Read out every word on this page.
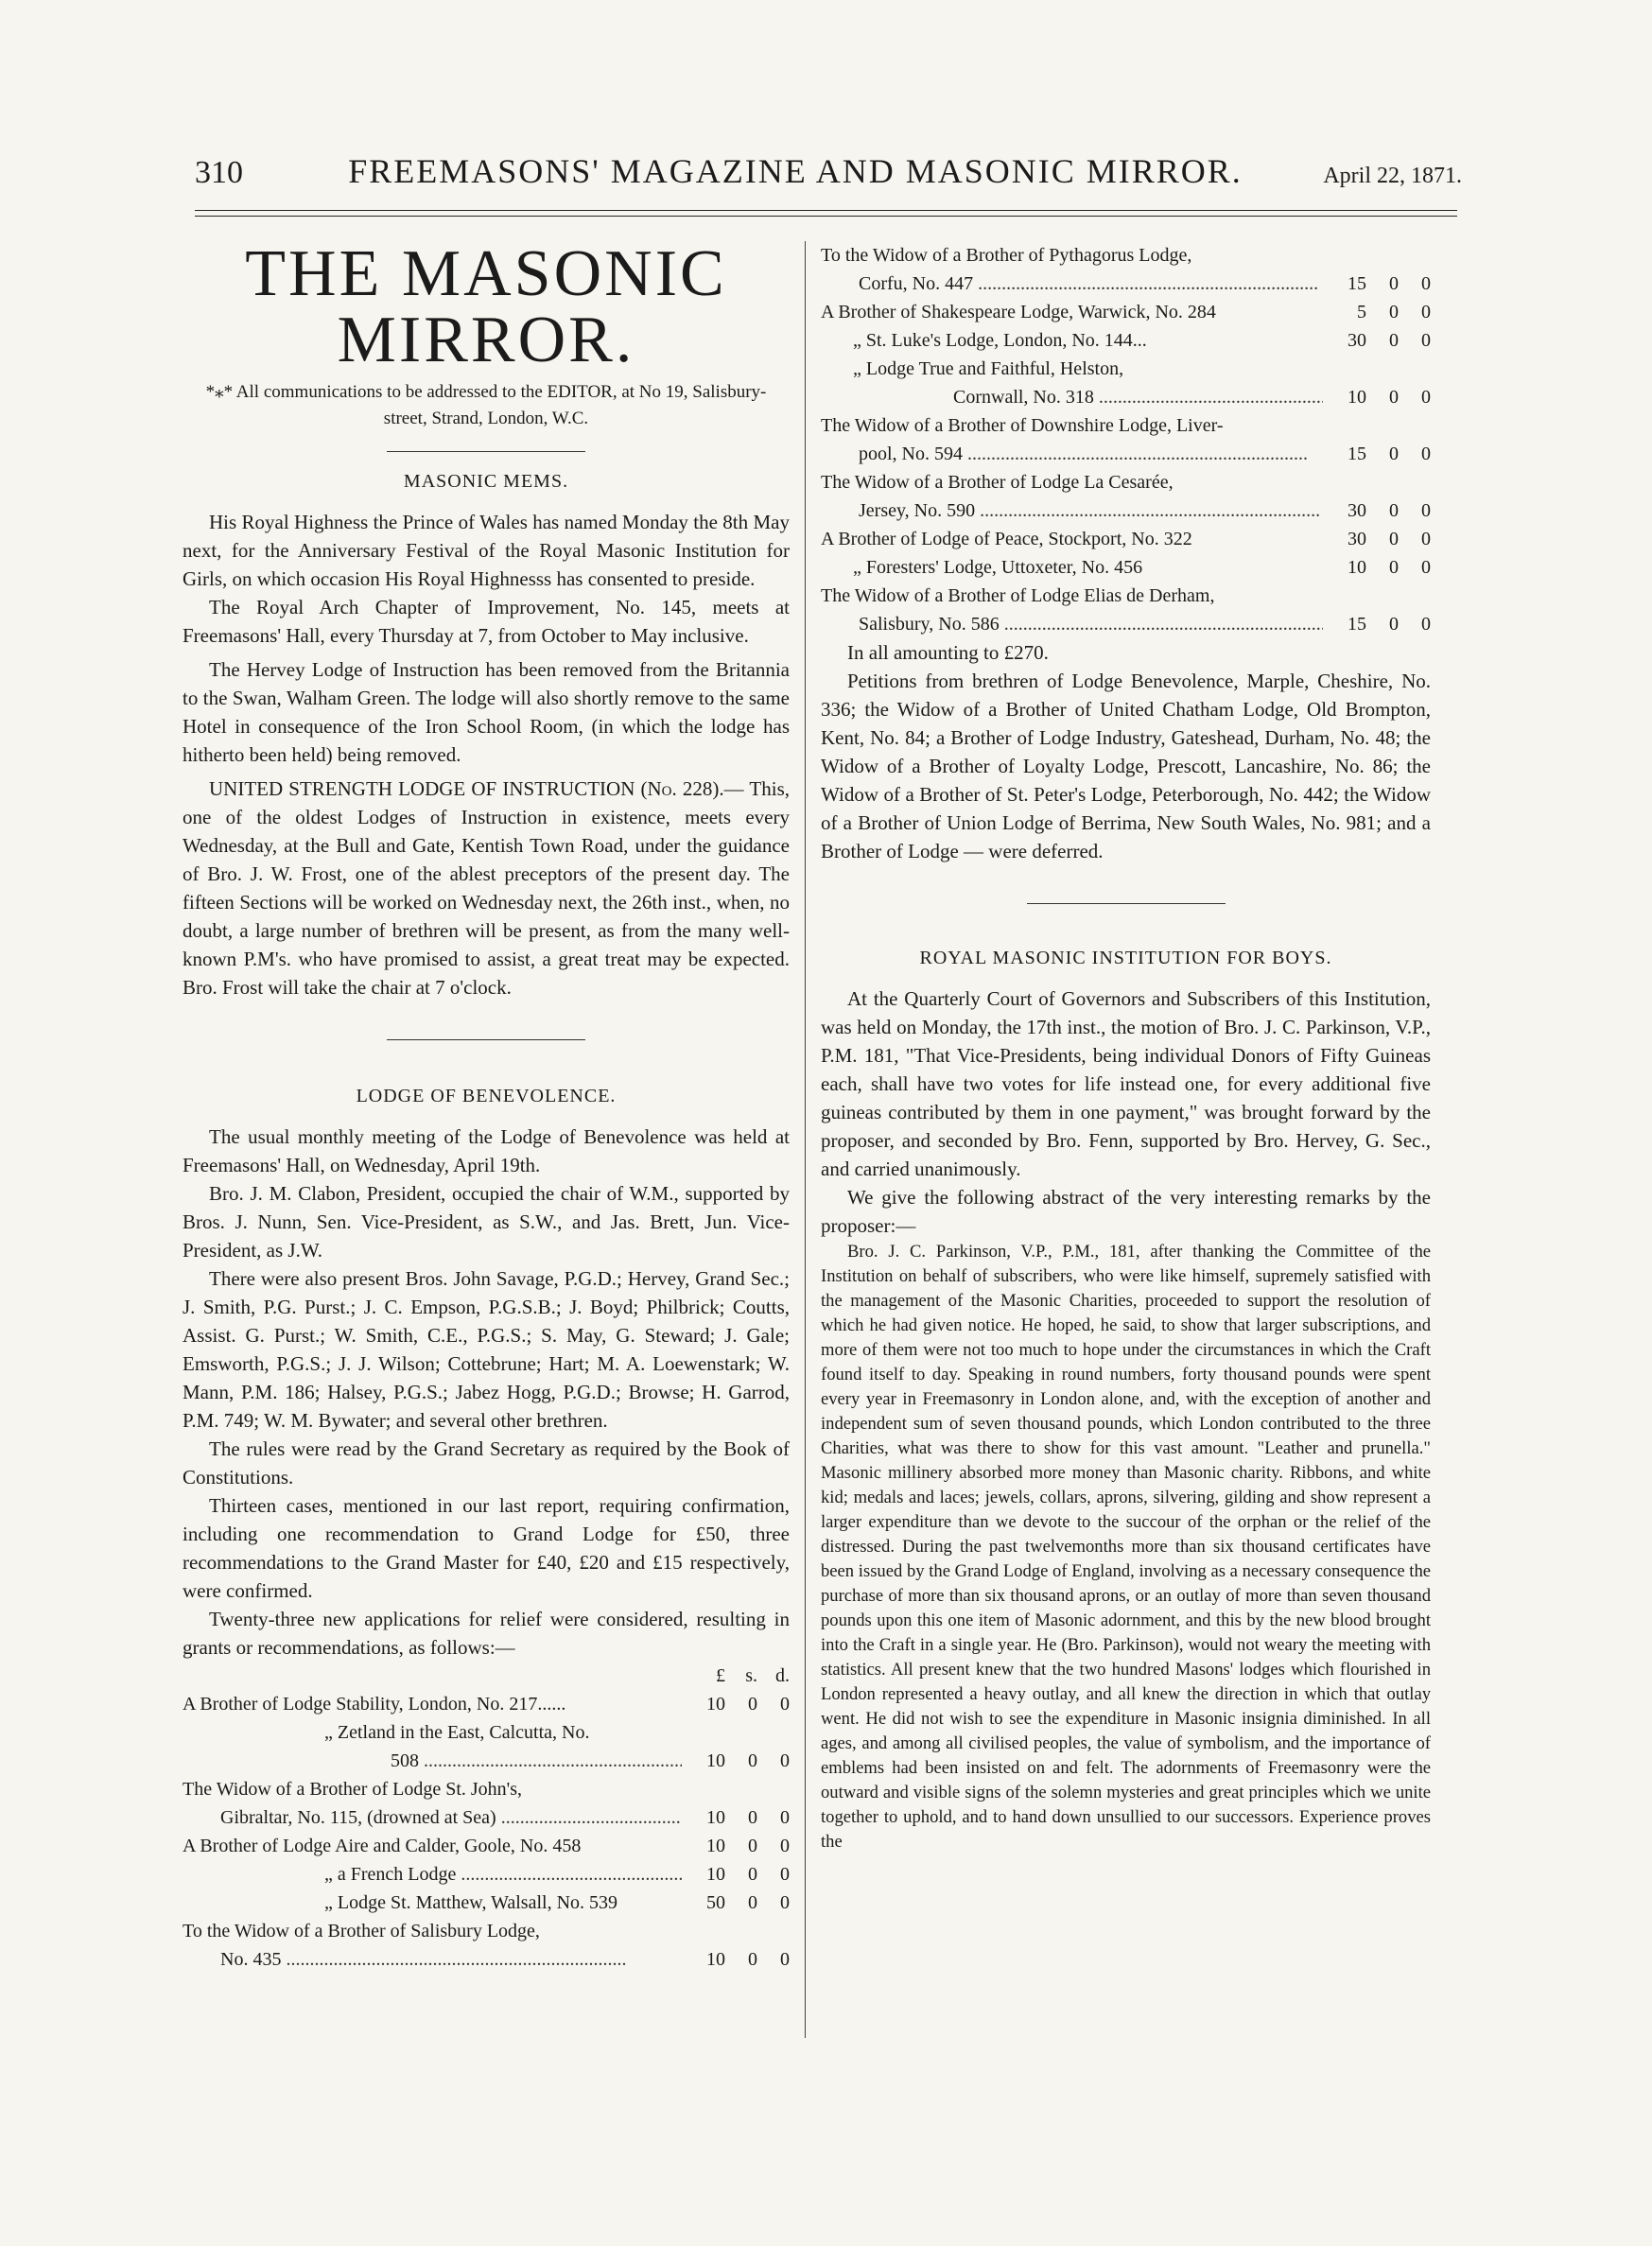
310	FREEMASONS' MAGAZINE AND MASONIC MIRROR.	April 22, 1871.
THE MASONIC MIRROR.

*⁎* All communications to be addressed to the EDITOR, at No 19, Salisbury-street, Strand, London, W.C.

MASONIC MEMS.

His Royal Highness the Prince of Wales has named Monday the 8th May next, for the Anniversary Festival of the Royal Masonic Institution for Girls, on which occasion His Royal Highnesss has consented to preside.

The Royal Arch Chapter of Improvement, No. 145, meets at Freemasons' Hall, every Thursday at 7, from October to May inclusive.

The Hervey Lodge of Instruction has been removed from the Britannia to the Swan, Walham Green. The lodge will also shortly remove to the same Hotel in consequence of the Iron School Room, (in which the lodge has hitherto been held) being removed.

UNITED STRENGTH LODGE OF INSTRUCTION (No. 228).— This, one of the oldest Lodges of Instruction in existence, meets every Wednesday, at the Bull and Gate, Kentish Town Road, under the guidance of Bro. J. W. Frost, one of the ablest preceptors of the present day. The fifteen Sections will be worked on Wednesday next, the 26th inst., when, no doubt, a large number of brethren will be present, as from the many well-known P.M's. who have promised to assist, a great treat may be expected. Bro. Frost will take the chair at 7 o'clock.

LODGE OF BENEVOLENCE.

The usual monthly meeting of the Lodge of Benevolence was held at Freemasons' Hall, on Wednesday, April 19th.

Bro. J. M. Clabon, President, occupied the chair of W.M., supported by Bros. J. Nunn, Sen. Vice-President, as S.W., and Jas. Brett, Jun. Vice-President, as J.W.

There were also present Bros. John Savage, P.G.D.; Hervey, Grand Sec.; J. Smith, P.G. Purst.; J. C. Empson, P.G.S.B.; J. Boyd; Philbrick; Coutts, Assist. G. Purst.; W. Smith, C.E., P.G.S.; S. May, G. Steward; J. Gale; Emsworth, P.G.S.; J. J. Wilson; Cottebrune; Hart; M. A. Loewenstark; W. Mann, P.M. 186; Halsey, P.G.S.; Jabez Hogg, P.G.D.; Browse; H. Garrod, P.M. 749; W. M. Bywater; and several other brethren.

The rules were read by the Grand Secretary as required by the Book of Constitutions.

Thirteen cases, mentioned in our last report, requiring confirmation, including one recommendation to Grand Lodge for £50, three recommendations to the Grand Master for £40, £20 and £15 respectively, were confirmed.

Twenty-three new applications for relief were considered, resulting in grants or recommendations, as follows:—

£	s. d.
A Brother of Lodge Stability, London, No. 217......	10	0	0
„ Zetland in the East, Calcutta, No.
508 .....	10	0	0
The Widow of a Brother of Lodge St. John's,
Gibraltar, No. 115, (drowned at Sea) .....	10	0	0
A Brother of Lodge Aire and Calder, Goole, No. 458	10	0	0
„ a French Lodge .....	10	0	0
„ Lodge St. Matthew, Walsall, No. 539	50	0	0
To the Widow of a Brother of Salisbury Lodge,
No. 435 .....	10	0	0
To the Widow of a Brother of Pythagorus Lodge,
Corfu, No. 447 .....	15	0	0
A Brother of Shakespeare Lodge, Warwick, No. 284	5	0	0
„ St. Luke's Lodge, London, No. 144...	30	0	0
„ Lodge True and Faithful, Helston,
Cornwall, No. 318 .....	10	0	0
The Widow of a Brother of Downshire Lodge, Liver-
pool, No. 594 .....	15	0	0
The Widow of a Brother of Lodge La Cesarée,
Jersey, No. 590 .....	30	0	0
A Brother of Lodge of Peace, Stockport, No. 322	30	0	0
„ Foresters' Lodge, Uttoxeter, No. 456	10	0	0
The Widow of a Brother of Lodge Elias de Derham,
Salisbury, No. 586 .....	15	0	0

In all amounting to £270.

Petitions from brethren of Lodge Benevolence, Marple, Cheshire, No. 336; the Widow of a Brother of United Chatham Lodge, Old Brompton, Kent, No. 84; a Brother of Lodge Industry, Gateshead, Durham, No. 48; the Widow of a Brother of Loyalty Lodge, Prescott, Lancashire, No. 86; the Widow of a Brother of St. Peter's Lodge, Peterborough, No. 442; the Widow of a Brother of Union Lodge of Berrima, New South Wales, No. 981; and a Brother of Lodge — were deferred.

ROYAL MASONIC INSTITUTION FOR BOYS.

At the Quarterly Court of Governors and Subscribers of this Institution, was held on Monday, the 17th inst., the motion of Bro. J. C. Parkinson, V.P., P.M. 181, "That Vice-Presidents, being individual Donors of Fifty Guineas each, shall have two votes for life instead one, for every additional five guineas contributed by them in one payment," was brought forward by the proposer, and seconded by Bro. Fenn, supported by Bro. Hervey, G. Sec., and carried unanimously.

We give the following abstract of the very interesting remarks by the proposer:—

Bro. J. C. Parkinson, V.P., P.M., 181, after thanking the Committee of the Institution on behalf of subscribers, who were like himself, supremely satisfied with the management of the Masonic Charities, proceeded to support the resolution of which he had given notice. He hoped, he said, to show that larger subscriptions, and more of them were not too much to hope under the circumstances in which the Craft found itself to day. Speaking in round numbers, forty thousand pounds were spent every year in Freemasonry in London alone, and, with the exception of another and independent sum of seven thousand pounds, which London contributed to the three Charities, what was there to show for this vast amount. "Leather and prunella." Masonic millinery absorbed more money than Masonic charity. Ribbons, and white kid; medals and laces; jewels, collars, aprons, silvering, gilding and show represent a larger expenditure than we devote to the succour of the orphan or the relief of the distressed. During the past twelvemonths more than six thousand certificates have been issued by the Grand Lodge of England, involving as a necessary consequence the purchase of more than six thousand aprons, or an outlay of more than seven thousand pounds upon this one item of Masonic adornment, and this by the new blood brought into the Craft in a single year. He (Bro. Parkinson), would not weary the meeting with statistics. All present knew that the two hundred Masons' lodges which flourished in London represented a heavy outlay, and all knew the direction in which that outlay went. He did not wish to see the expenditure in Masonic insignia diminished. In all ages, and among all civilised peoples, the value of symbolism, and the importance of emblems had been insisted on and felt. The adornments of Freemasonry were the outward and visible signs of the solemn mysteries and great principles which we unite together to uphold, and to hand down unsullied to our successors. Experience proves the
